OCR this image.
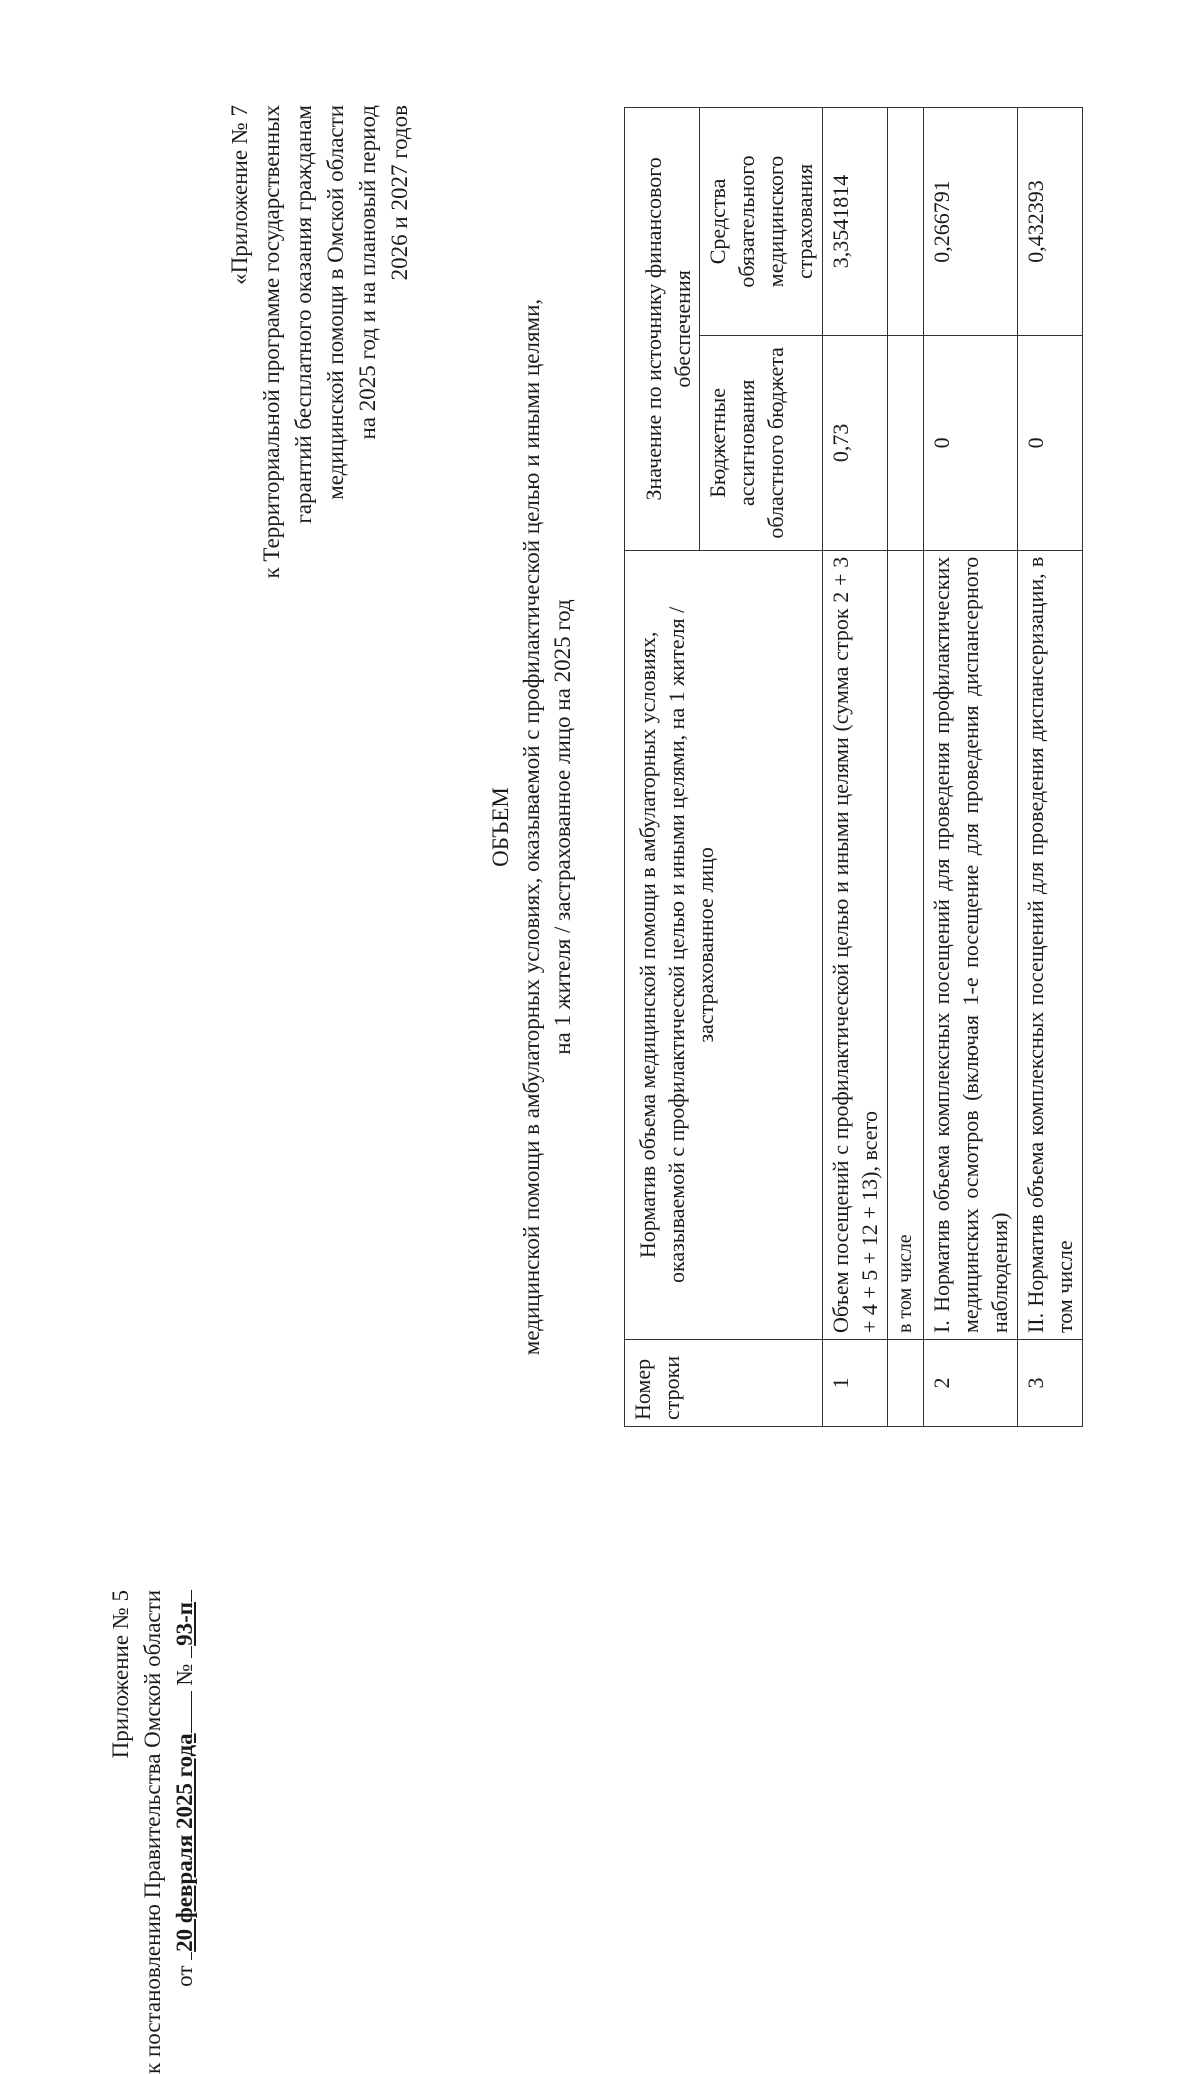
Приложение № 5 к постановлению Правительства Омской области от 20 февраля 2025 года № 93-п
«Приложение № 7 к Территориальной программе государственных гарантий бесплатного оказания гражданам медицинской помощи в Омской области на 2025 год и на плановый период 2026 и 2027 годов
ОБЪЕМ медицинской помощи в амбулаторных условиях, оказываемой с профилактической целью и иными целями, на 1 жителя / застрахованное лицо на 2025 год
Номер строки	Норматив объема медицинской помощи в амбулаторных условиях, оказываемой с профилактической целью и иными целями, на 1 жителя / застрахованное лицо	Значение по источнику финансового обеспечения	
		Бюджетные ассигнования областного бюджета	Средства обязательного медицинского страхования
1	Объем посещений с профилактической целью и иными целями (сумма строк 2 + 3 + 4 + 5 + 12 + 13), всего	0,73	3,3541814
	в том числе		
2	I. Норматив объема комплексных посещений для проведения профилактических медицинских осмотров (включая 1-е посещение для проведения диспансерного наблюдения)	0	0,266791
3	II. Норматив объема комплексных посещений для проведения диспансеризации, в том числе	0	0,432393
